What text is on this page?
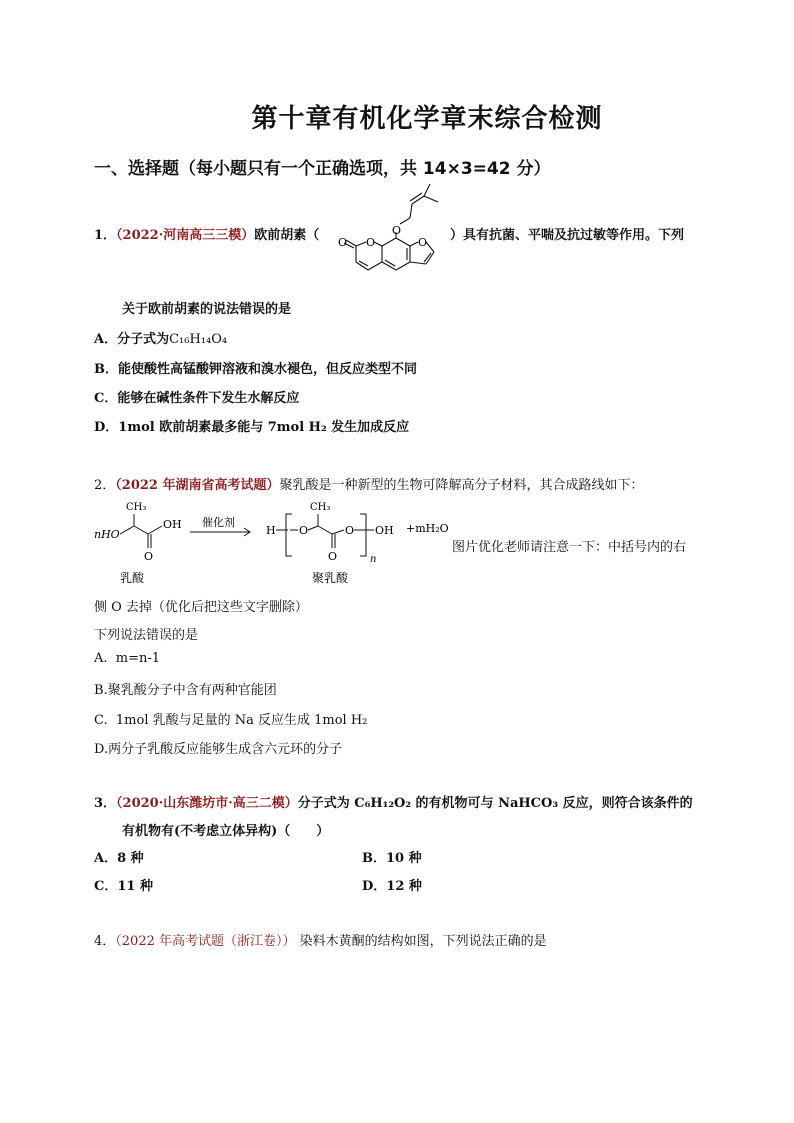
第十章有机化学章末综合检测
一、选择题（每小题只有一个正确选项，共 14×3=42 分）
1．（2022·河南高三三模）欧前胡素（	）具有抗菌、平喘及抗过敏等作用。下列
O O
O
O
关于欧前胡素的说法错误的是
A．分子式为C₁₆H₁₄O₄
B．能使酸性高锰酸钾溶液和溴水褪色，但反应类型不同
C．能够在碱性条件下发生水解反应
D．1mol 欧前胡素最多能与 7mol H₂ 发生加成反应
2．（2022 年湖南省高考试题）聚乳酸是一种新型的生物可降解高分子材料，其合成路线如下：
CH₃
nHO
OH
O
催化剂
乳酸
H O
CH₃
O
O OH
n
+mH₂O
聚乳酸
图片优化老师请注意一下：中括号内的右
侧 O 去掉（优化后把这些文字删除）
下列说法错误的是
A. m=n-1
B.聚乳酸分子中含有两种官能团
C. 1mol 乳酸与足量的 Na 反应生成 1mol H₂
D.两分子乳酸反应能够生成含六元环的分子
3．（2020·山东潍坊市·高三二模）分子式为 C₆H₁₂O₂ 的有机物可与 NaHCO₃ 反应，则符合该条件的
有机物有(不考虑立体异构)（　　）
A．8 种	B．10 种
C．11 种	D．12 种
4．（2022 年高考试题（浙江卷）） 染料木黄酮的结构如图，下列说法正确的是
